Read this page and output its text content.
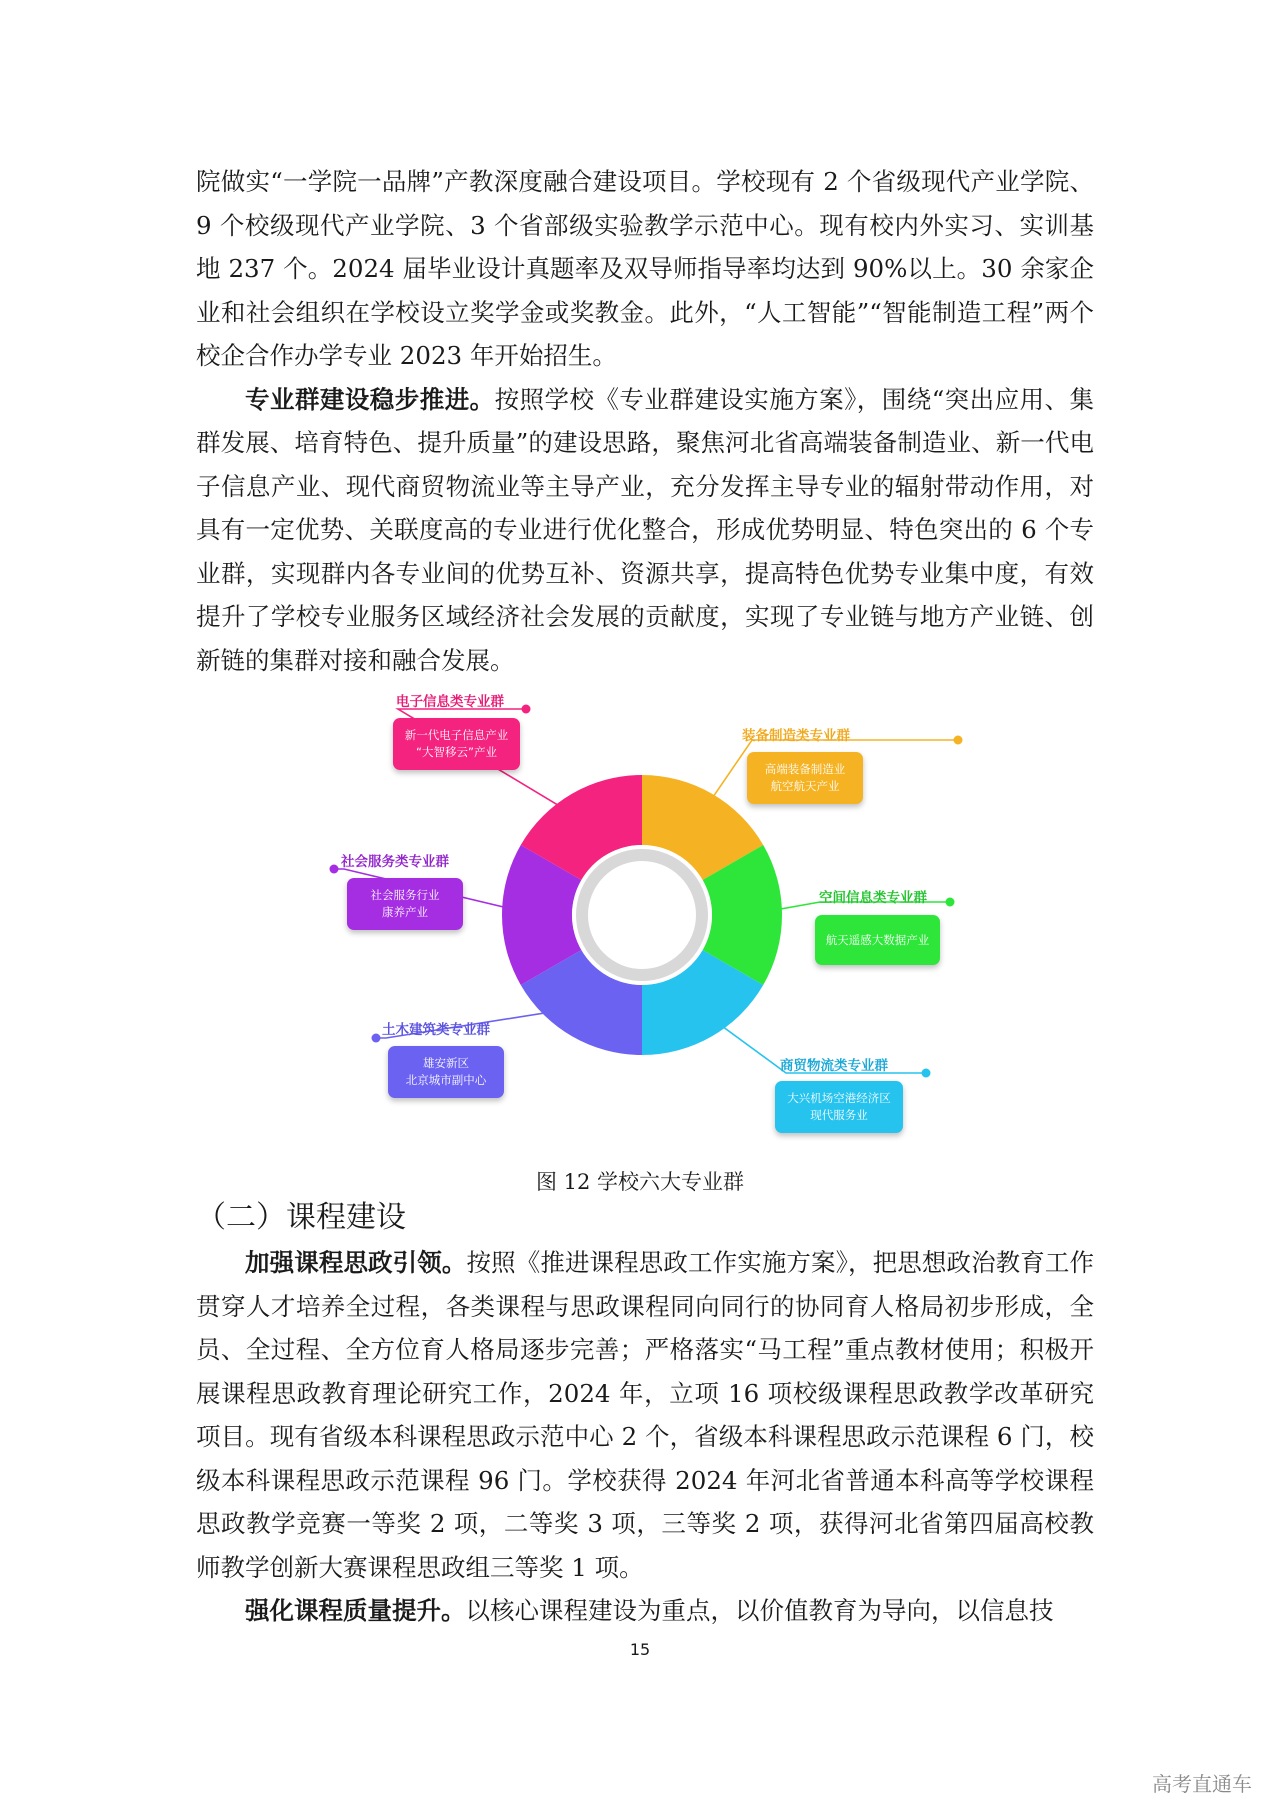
院做实“一学院一品牌”产教深度融合建设项目。学校现有 2 个省级现代产业学院、9 个校级现代产业学院、3 个省部级实验教学示范中心。现有校内外实习、实训基地 237 个。2024 届毕业设计真题率及双导师指导率均达到 90%以上。30 余家企业和社会组织在学校设立奖学金或奖教金。此外，“人工智能”“智能制造工程”两个校企合作办学专业 2023 年开始招生。

专业群建设稳步推进。按照学校《专业群建设实施方案》，围绕“突出应用、集群发展、培育特色、提升质量”的建设思路，聚焦河北省高端装备制造业、新一代电子信息产业、现代商贸物流业等主导产业，充分发挥主导专业的辐射带动作用，对具有一定优势、关联度高的专业进行优化整合，形成优势明显、特色突出的 6 个专业群，实现群内各专业间的优势互补、资源共享，提高特色优势专业集中度，有效提升了学校专业服务区域经济社会发展的贡献度，实现了专业链与地方产业链、创新链的集群对接和融合发展。

装备制造类专业群
高端装备制造业
航空航天产业
空间信息类专业群
航天遥感大数据产业
商贸物流类专业群
大兴机场空港经济区
现代服务业
土木建筑类专业群
雄安新区
北京城市副中心
社会服务类专业群
社会服务行业
康养产业
电子信息类专业群
新一代电子信息产业
“大智移云”产业
图 12 学校六大专业群
（二）课程建设

加强课程思政引领。按照《推进课程思政工作实施方案》，把思想政治教育工作贯穿人才培养全过程，各类课程与思政课程同向同行的协同育人格局初步形成，全员、全过程、全方位育人格局逐步完善；严格落实“马工程”重点教材使用；积极开展课程思政教育理论研究工作，2024 年，立项 16 项校级课程思政教学改革研究项目。现有省级本科课程思政示范中心 2 个，省级本科课程思政示范课程 6 门，校级本科课程思政示范课程 96 门。学校获得 2024 年河北省普通本科高等学校课程思政教学竞赛一等奖 2 项，二等奖 3 项，三等奖 2 项，获得河北省第四届高校教师教学创新大赛课程思政组三等奖 1 项。

强化课程质量提升。以核心课程建设为重点，以价值教育为导向，以信息技

15
高考直通车
